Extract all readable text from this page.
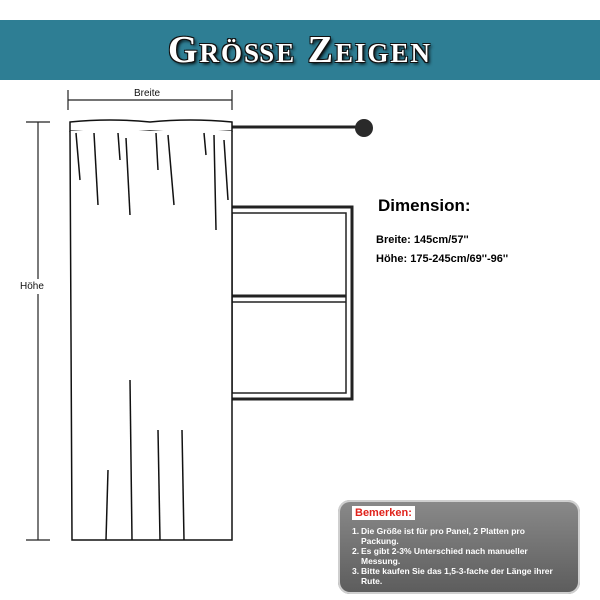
Größe Zeigen
Breite
Höhe
Dimension:
Breite: 145cm/57''
Höhe: 175-245cm/69''-96''
Bemerken:
1. Die Größe ist für pro Panel, 2 Platten pro
Packung.
2. Es gibt 2-3% Unterschied nach manueller
Messung.
3. Bitte kaufen Sie das 1,5-3-fache der Länge ihrer
Rute.
